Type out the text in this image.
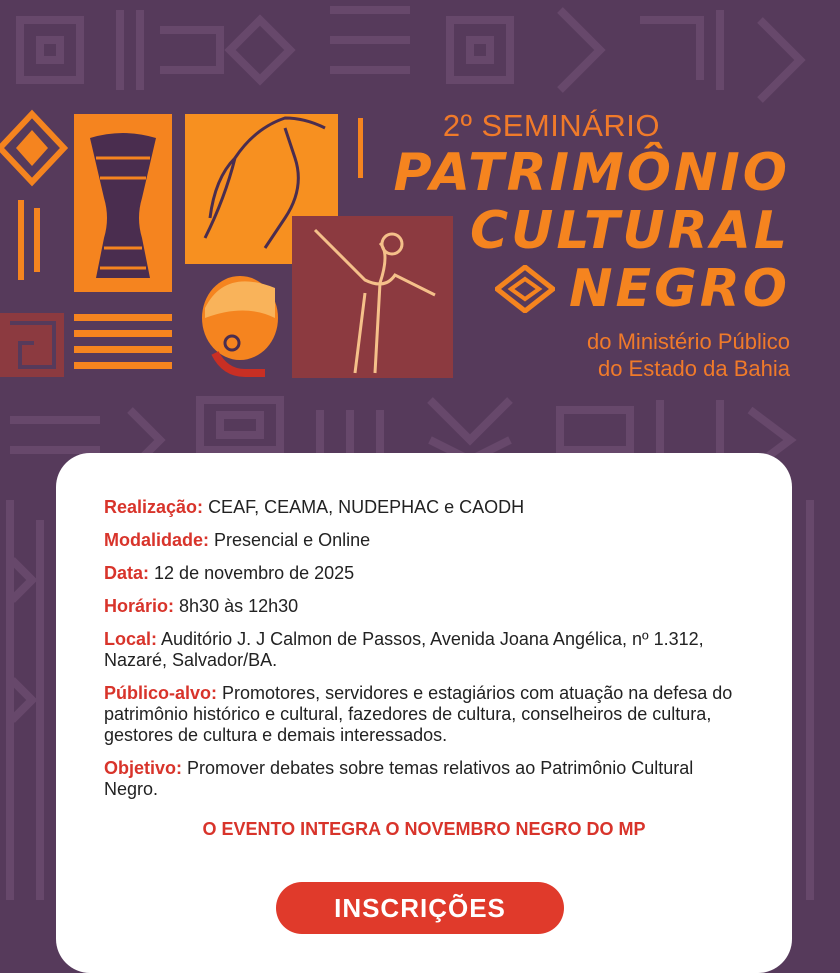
2º SEMINÁRIO
PATRIMÔNIO
CULTURAL
NEGRO
do Ministério Público
do Estado da Bahia

Realização: CEAF, CEAMA, NUDEPHAC e CAODH

Modalidade: Presencial e Online

Data: 12 de novembro de 2025

Horário: 8h30 às 12h30

Local: Auditório J. J Calmon de Passos, Avenida Joana Angélica, nº 1.312, Nazaré, Salvador/BA.

Público-alvo: Promotores, servidores e estagiários com atuação na defesa do patrimônio histórico e cultural, fazedores de cultura, conselheiros de cultura, gestores de cultura e demais interessados.

Objetivo: Promover debates sobre temas relativos ao Patrimônio Cultural Negro.

O EVENTO INTEGRA O NOVEMBRO NEGRO DO MP
INSCRIÇÕES
